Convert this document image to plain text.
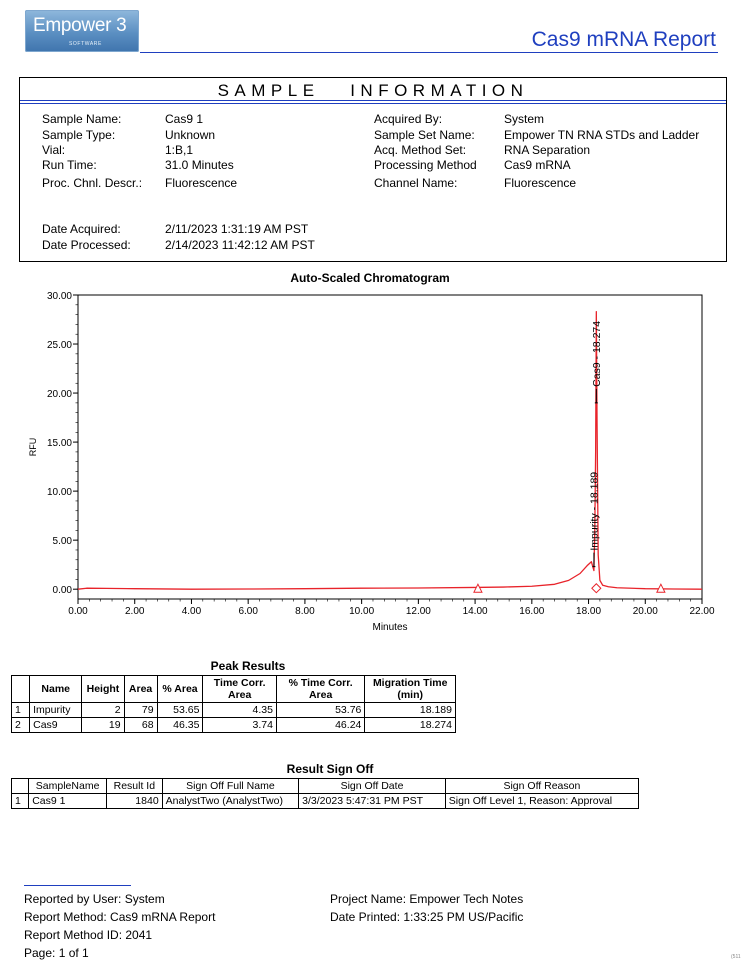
Empower 3
SOFTWARE	Cas9 mRNA Report
SAMPLE   INFORMATION
Sample Name:	Cas9 1
Sample Type:	Unknown
Vial:	1:B,1
Run Time:	31.0 Minutes
Proc. Chnl. Descr.: Fluorescence
Date Acquired:	2/11/2023 1:31:19 AM PST
Date Processed:	2/14/2023 11:42:12 AM PST
Acquired By:	System
Sample Set Name: Empower TN RNA STDs and Ladder
Acq. Method Set:	RNA Separation
Processing Method Cas9 mRNA
Channel Name:	Fluorescence
Auto-Scaled Chromatogram
0.00	2.00	4.00	6.00	8.00	10.00	12.00	14.00	16.00	18.00	20.00	22.00
0.00
5.00
10.00
15.00
20.00
25.00
30.00
RFU
Minutes
Impurity - 18.189
Cas9 - 18.274
Peak Results
	Name	Height	Area	% Area	Time Corr. Area	% Time Corr. Area	Migration Time (min)
1	Impurity	2	79	53.65	4.35	53.76	18.189
2	Cas9	19	68	46.35	3.74	46.24	18.274
Result Sign Off
	SampleName	Result Id	Sign Off Full Name	Sign Off Date	Sign Off Reason
1	Cas9 1	1840	AnalystTwo (AnalystTwo)	3/3/2023 5:47:31 PM PST	Sign Off Level 1, Reason: Approval
Reported by User: System
Report Method: Cas9 mRNA Report
Report Method ID: 2041
Page: 1 of 1
Project Name: Empower Tech Notes
Date Printed: 1:33:25 PM US/Pacific
(511
